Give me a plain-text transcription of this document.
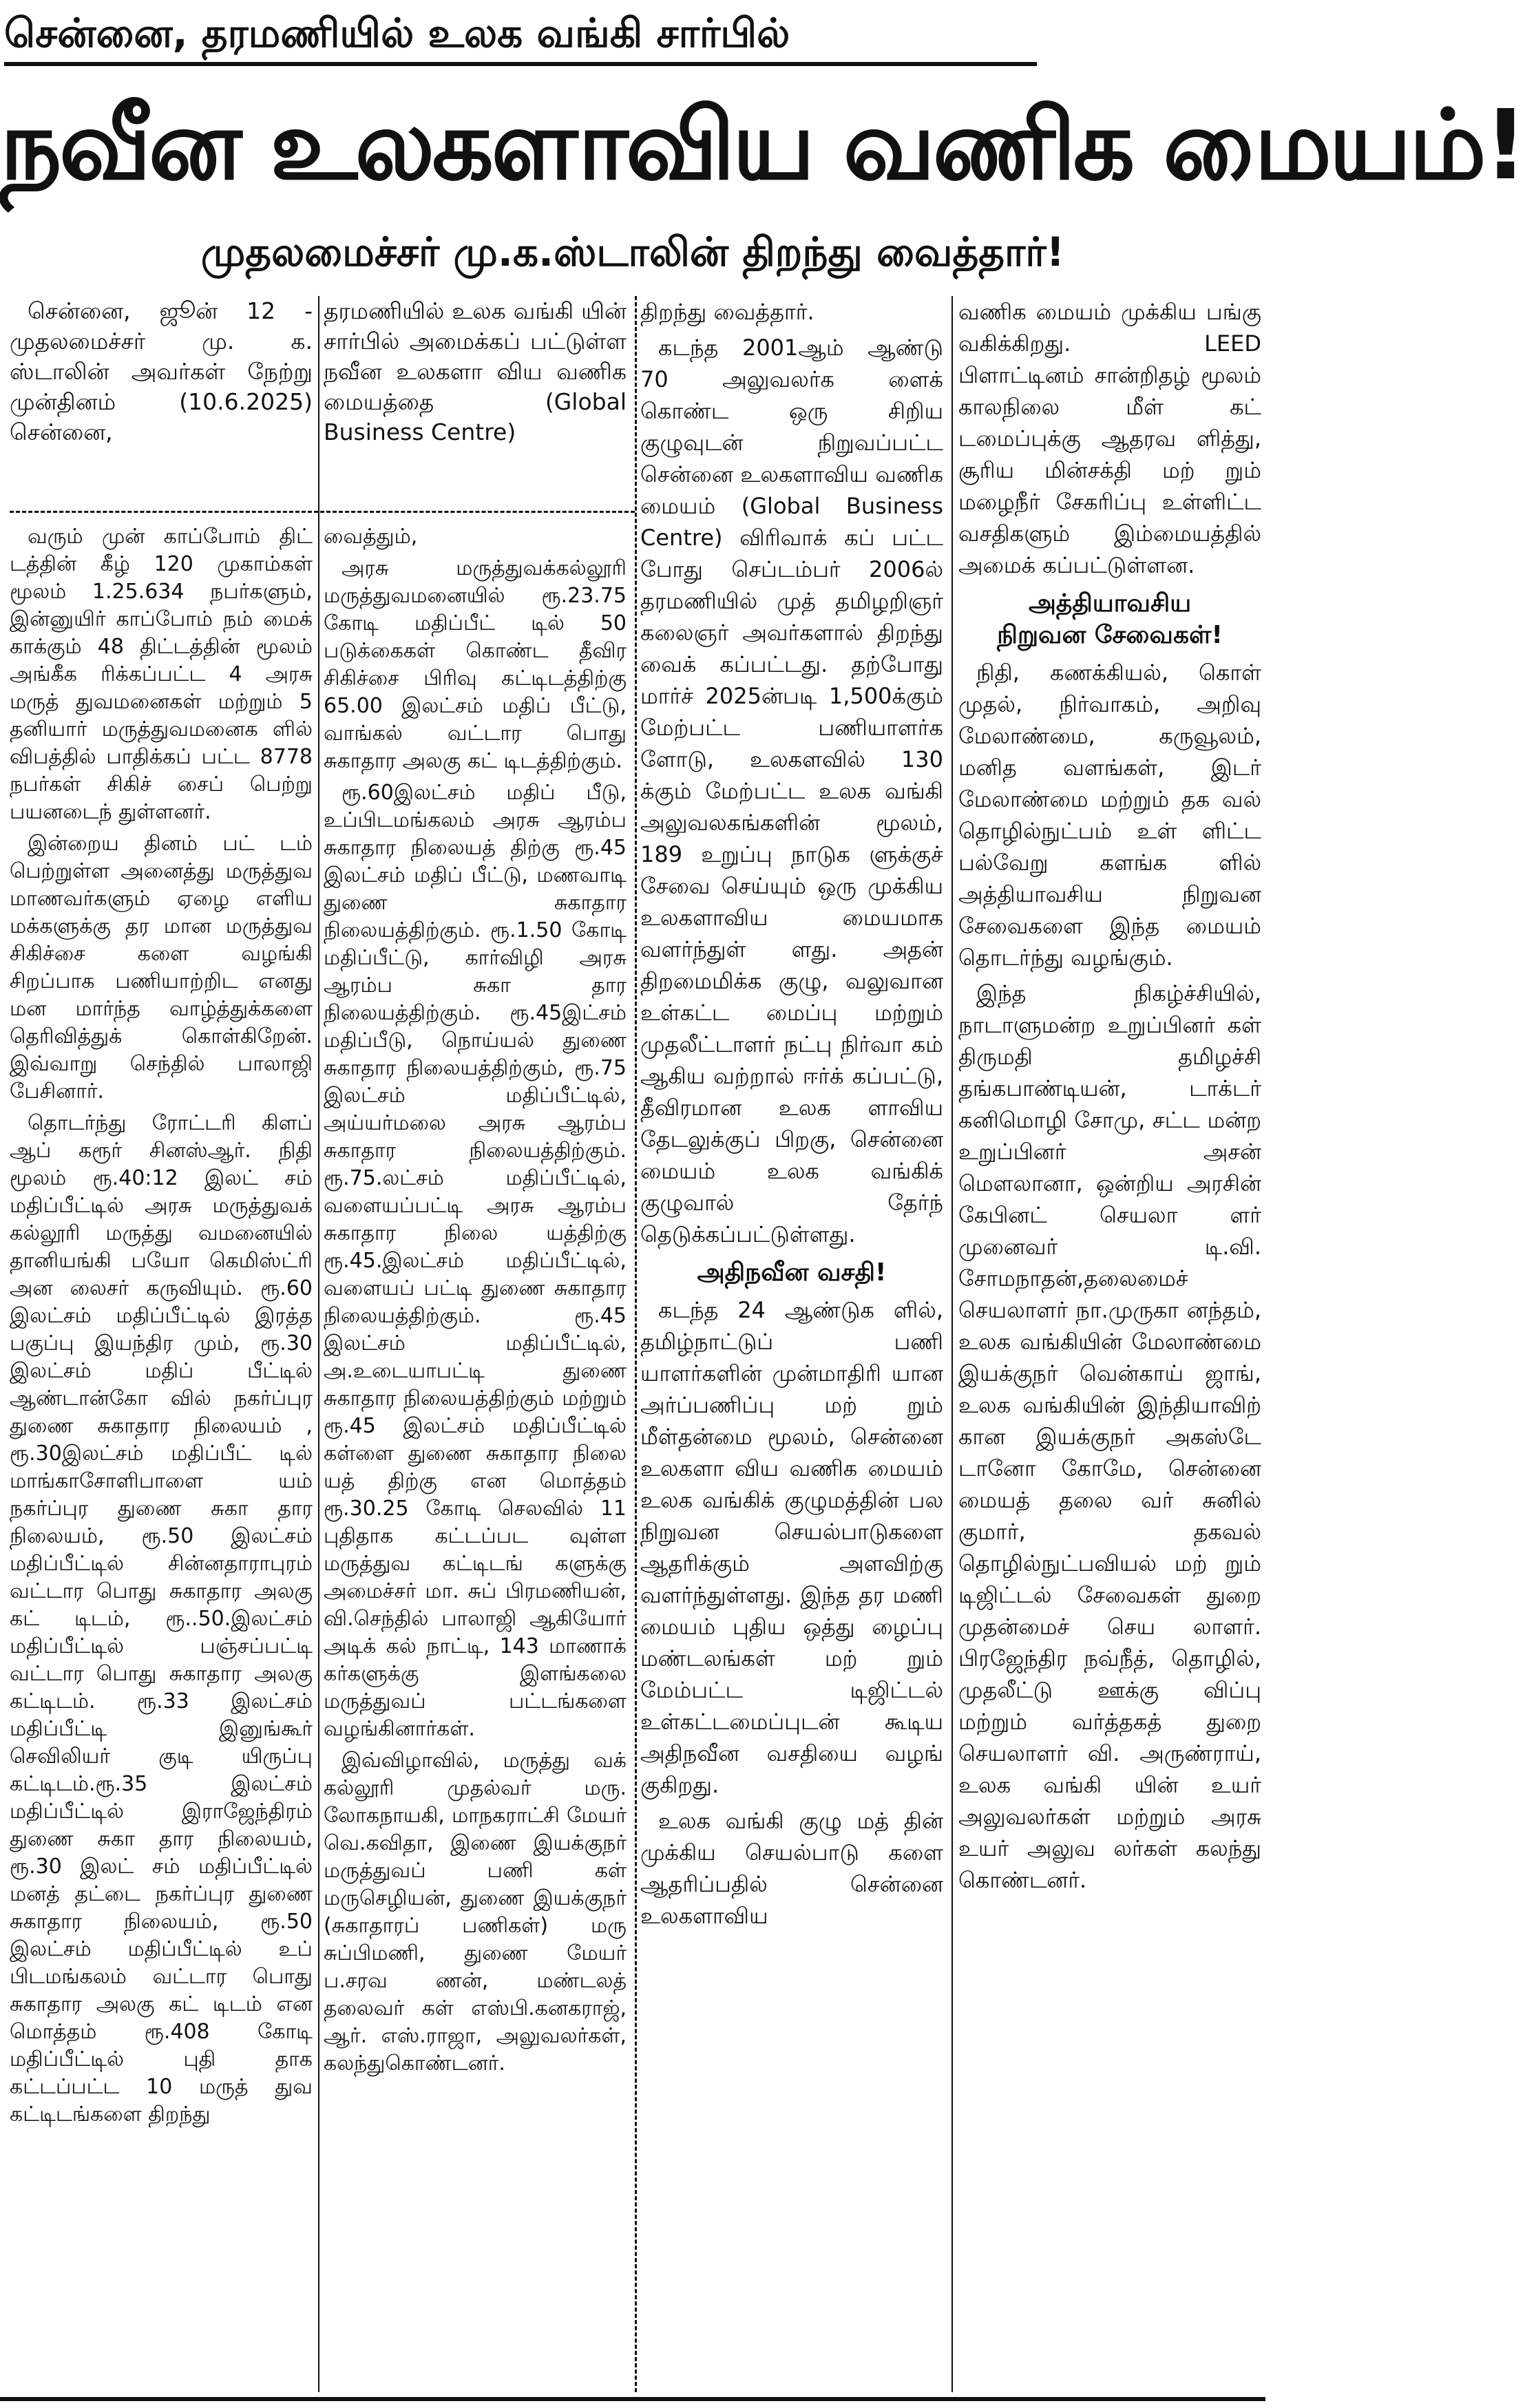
சென்னை, தரமணியில் உலக வங்கி சார்பில்
நவீன உலகளாவிய வணிக மையம்!
முதலமைச்சர் மு.க.ஸ்டாலின் திறந்து வைத்தார்!

சென்னை, ஜூன் 12 - முதலமைச்சர் மு. க. ஸ்டாலின் அவர்கள் நேற்று முன்தினம் (10.6.2025) சென்னை,

தரமணியில் உலக வங்கி யின் சார்பில் அமைக்கப் பட்டுள்ள நவீன உலகளா விய வணிக மையத்தை (Global Business Centre)

வரும் முன் காப்போம் திட் டத்தின் கீழ் 120 முகாம்கள் மூலம் 1.25.634 நபர்களும், இன்னுயிர் காப்போம் நம் மைக் காக்கும் 48 திட்டத்தின் மூலம் அங்கீக ரிக்கப்பட்ட 4 அரசு மருத் துவமனைகள் மற்றும் 5 தனியார் மருத்துவமனைக ளில் விபத்தில் பாதிக்கப் பட்ட 8778 நபர்கள் சிகிச் சைப் பெற்று பயனடைந் துள்ளனர்.

இன்றைய தினம் பட் டம் பெற்றுள்ள அனைத்து மருத்துவ மாணவர்களும் ஏழை எளிய மக்களுக்கு தர மான மருத்துவ சிகிச்சை களை வழங்கி சிறப்பாக பணியாற்றிட எனது மன மார்ந்த வாழ்த்துக்களை தெரிவித்துக் கொள்கிறேன். இவ்வாறு செந்தில் பாலாஜி பேசினார்.

தொடர்ந்து ரோட்டரி கிளப் ஆப் கரூர் சினஸ்ஆர். நிதி மூலம் ரூ.40:12 இலட் சம் மதிப்பீட்டில் அரசு மருத்துவக் கல்லூரி மருத்து வமனையில் தானியங்கி பயோ கெமிஸ்ட்ரி அன லைசர் கருவியும். ரூ.60 இலட்சம் மதிப்பீட்டில் இரத்த பகுப்பு இயந்திர மும், ரூ.30 இலட்சம் மதிப் பீட்டில் ஆண்டான்கோ வில் நகர்ப்புர துணை சுகாதார நிலையம் , ரூ.30இலட்சம் மதிப்பீட் டில் மாங்காசோளிபாளை யம் நகர்ப்புர துணை சுகா தார நிலையம், ரூ.50 இலட்சம் மதிப்பீட்டில் சின்னதாராபுரம் வட்டார பொது சுகாதார அலகு கட் டிடம், ரூ..50.இலட்சம் மதிப்பீட்டில் பஞ்சப்பட்டி வட்டார பொது சுகாதார அலகு கட்டிடம். ரூ.33 இலட்சம் மதிப்பீட்டி இனுங்கூர் செவிலியர் குடி யிருப்பு கட்டிடம்.ரூ.35 இலட்சம் மதிப்பீட்டில் இராஜேந்திரம் துணை சுகா தார நிலையம், ரூ.30 இலட் சம் மதிப்பீட்டில் மனத் தட்டை நகர்ப்புர துணை சுகாதார நிலையம், ரூ.50 இலட்சம் மதிப்பீட்டில் உப் பிடமங்கலம் வட்டார பொது சுகாதார அலகு கட் டிடம் என மொத்தம் ரூ.408 கோடி மதிப்பீட்டில் புதி தாக கட்டப்பட்ட 10 மருத் துவ கட்டிடங்களை திறந்து

வைத்தும்,

அரசு மருத்துவக்கல்லூரி மருத்துவமனையில் ரூ.23.75 கோடி மதிப்பீட் டில் 50 படுக்கைகள் கொண்ட தீவிர சிகிச்சை பிரிவு கட்டிடத்திற்கு 65.00 இலட்சம் மதிப் பீட்டு, வாங்கல் வட்டார பொது சுகாதார அலகு கட் டிடத்திற்கும்.

ரூ.60இலட்சம் மதிப் பீடு, உப்பிடமங்கலம் அரசு ஆரம்ப சுகாதார நிலையத் திற்கு ரூ.45 இலட்சம் மதிப் பீட்டு, மணவாடி துணை சுகாதார நிலையத்திற்கும். ரூ.1.50 கோடி மதிப்பீட்டு, கார்விழி அரசு ஆரம்ப சுகா தார நிலையத்திற்கும். ரூ.45இட்சம் மதிப்பீடு, நொய்யல் துணை சுகாதார நிலையத்திற்கும், ரூ.75 இலட்சம் மதிப்பீட்டில், அய்யர்மலை அரசு ஆரம்ப சுகாதார நிலையத்திற்கும். ரூ.75.லட்சம் மதிப்பீட்டில், வளையப்பட்டி அரசு ஆரம்ப சுகாதார நிலை யத்திற்கு ரூ.45.இலட்சம் மதிப்பீட்டில், வளையப் பட்டி துணை சுகாதார நிலையத்திற்கும். ரூ.45 இலட்சம் மதிப்பீட்டில், அ.உடையாபட்டி துணை சுகாதார நிலையத்திற்கும் மற்றும் ரூ.45 இலட்சம் மதிப்பீட்டில் கள்ளை துணை சுகாதார நிலை யத் திற்கு என மொத்தம் ரூ.30.25 கோடி செலவில் 11 புதிதாக கட்டப்பட வுள்ள மருத்துவ கட்டிடங் களுக்கு அமைச்சர் மா. சுப் பிரமணியன், வி.செந்தில் பாலாஜி ஆகியோர் அடிக் கல் நாட்டி, 143 மாணாக் கர்களுக்கு இளங்கலை மருத்துவப் பட்டங்களை வழங்கினார்கள்.

இவ்விழாவில், மருத்து வக் கல்லூரி முதல்வர் மரு. லோகநாயகி, மாநகராட்சி மேயர் வெ.கவிதா, இணை இயக்குநர் மருத்துவப் பணி கள் மருசெழியன், துணை இயக்குநர் (சுகாதாரப் பணிகள்) மரு சுப்பிமணி, துணை மேயர் ப.சரவ ணன், மண்டலத் தலைவர் கள் எஸ்பி.கனகராஜ், ஆர். எஸ்.ராஜா, அலுவலர்கள், கலந்துகொண்டனர்.

திறந்து வைத்தார்.

கடந்த 2001ஆம் ஆண்டு 70 அலுவலர்க ளைக் கொண்ட ஒரு சிறிய குழுவுடன் நிறுவப்பட்ட சென்னை உலகளாவிய வணிக மையம் (Global Business Centre) விரிவாக் கப் பட்ட போது செப்டம்பர் 2006ல் தரமணியில் முத் தமிழறிஞர் கலைஞர் அவர்களால் திறந்து வைக் கப்பட்டது. தற்போது மார்ச் 2025ன்படி 1,500க்கும் மேற்பட்ட பணியாளர்க ளோடு, உலகளவில் 130 க்கும் மேற்பட்ட உலக வங்கி அலுவலகங்களின் மூலம், 189 உறுப்பு நாடுக ளுக்குச் சேவை செய்யும் ஒரு முக்கிய உலகளாவிய மையமாக வளர்ந்துள் ளது. அதன் திறமைமிக்க குழு, வலுவான உள்கட்ட மைப்பு மற்றும் முதலீட்டாளர் நட்பு நிர்வா கம் ஆகிய வற்றால் ஈர்க் கப்பட்டு, தீவிரமான உலக ளாவிய தேடலுக்குப் பிறகு, சென்னை மையம் உலக வங்கிக் குழுவால் தேர்ந் தெடுக்கப்பட்டுள்ளது.

அதிநவீன வசதி!

கடந்த 24 ஆண்டுக ளில், தமிழ்நாட்டுப் பணி யாளர்களின் முன்மாதிரி யான அர்ப்பணிப்பு மற் றும் மீள்தன்மை மூலம், சென்னை உலகளா விய வணிக மையம் உலக வங்கிக் குழுமத்தின் பல நிறுவன செயல்பாடுகளை ஆதரிக்கும் அளவிற்கு வளர்ந்துள்ளது. இந்த தர மணி மையம் புதிய ஒத்து ழைப்பு மண்டலங்கள் மற் றும் மேம்பட்ட டிஜிட்டல் உள்கட்டமைப்புடன் கூடிய அதிநவீன வசதியை வழங் குகிறது.

உலக வங்கி குழு மத் தின் முக்கிய செயல்பாடு களை ஆதரிப்பதில் சென்னை உலகளாவிய

வணிக மையம் முக்கிய பங்கு வகிக்கிறது. LEED பிளாட்டினம் சான்றிதழ் மூலம் காலநிலை மீள் கட் டமைப்புக்கு ஆதரவ ளித்து, சூரிய மின்சக்தி மற் றும் மழைநீர் சேகரிப்பு உள்ளிட்ட வசதிகளும் இம்மையத்தில் அமைக் கப்பட்டுள்ளன.

அத்தியாவசிய
நிறுவன சேவைகள்!

நிதி, கணக்கியல், கொள் முதல், நிர்வாகம், அறிவு மேலாண்மை, கருவூலம், மனித வளங்கள், இடர் மேலாண்மை மற்றும் தக வல் தொழில்நுட்பம் உள் ளிட்ட பல்வேறு களங்க ளில் அத்தியாவசிய நிறுவன சேவைகளை இந்த மையம் தொடர்ந்து வழங்கும்.

இந்த நிகழ்ச்சியில், நாடாளுமன்ற உறுப்பினர் கள் திருமதி தமிழச்சி தங்கபாண்டியன், டாக்டர் கனிமொழி சோமு, சட்ட மன்ற உறுப்பினர் அசன் மௌலானா, ஒன்றிய அரசின் கேபினட் செயலா ளர் முனைவர் டி.வி. சோமநாதன்,தலைமைச் செயலாளர் நா.முருகா னந்தம், உலக வங்கியின் மேலாண்மை இயக்குநர் வென்காய் ஜாங், உலக வங்கியின் இந்தியாவிற் கான இயக்குநர் அகஸ்டே டானோ கோமே, சென்னை மையத் தலை வர் சுனில் குமார், தகவல் தொழில்நுட்பவியல் மற் றும் டிஜிட்டல் சேவைகள் துறை முதன்மைச் செய லாளர். பிரஜேந்திர நவ்நீத், தொழில், முதலீட்டு ஊக்கு விப்பு மற்றும் வர்த்தகத் துறை செயலாளர் வி. அருண்ராய், உலக வங்கி யின் உயர் அலுவலர்கள் மற்றும் அரசு உயர் அலுவ லர்கள் கலந்து கொண்டனர்.
